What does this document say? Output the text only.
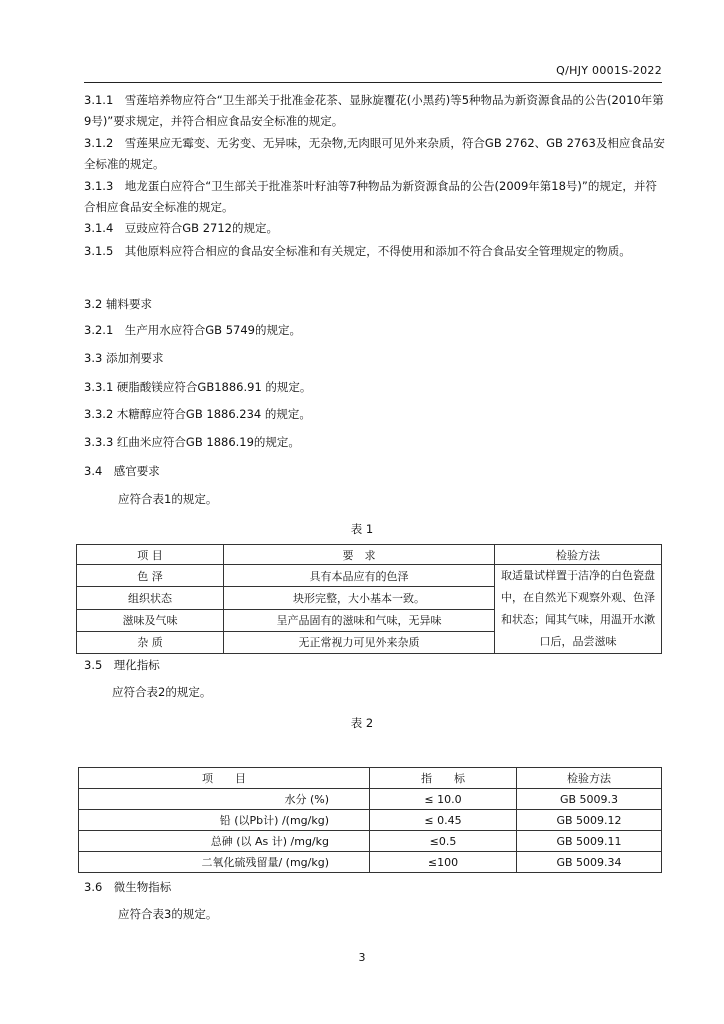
Q/HJY 0001S-2022
3.1.1　雪莲培养物应符合“卫生部关于批准金花茶、显脉旋覆花(小黑药)等5种物品为新资源食品的公告(2010年第9号)”要求规定，并符合相应食品安全标准的规定。
3.1.2　雪莲果应无霉变、无劣变、无异味，无杂物,无肉眼可见外来杂质，符合GB 2762、GB 2763及相应食品安全标准的规定。
3.1.3　地龙蛋白应符合“卫生部关于批准茶叶籽油等7种物品为新资源食品的公告(2009年第18号)”的规定，并符合相应食品安全标准的规定。
3.1.4　豆豉应符合GB 2712的规定。
3.1.5　其他原料应符合相应的食品安全标准和有关规定，不得使用和添加不符合食品安全管理规定的物质。
3.2 辅料要求
3.2.1　生产用水应符合GB 5749的规定。
3.3 添加剂要求
3.3.1 硬脂酸镁应符合GB1886.91 的规定。
3.3.2 木糖醇应符合GB 1886.234 的规定。
3.3.3 红曲米应符合GB 1886.19的规定。
3.4　感官要求
应符合表1的规定。
表 1
项 目	要　求	检验方法
色 泽	具有本品应有的色泽	取适量试样置于洁净的白色瓷盘中，在自然光下观察外观、色泽和状态；闻其气味，用温开水漱口后，品尝滋味
组织状态	块形完整，大小基本一致。	
滋味及气味	呈产品固有的滋味和气味，无异味	
杂 质	无正常视力可见外来杂质	
3.5　理化指标
应符合表2的规定。
表 2
项　　目	指　　标	检验方法
水分 (%)	≤ 10.0	GB 5009.3
铅 (以Pb计) /(mg/kg)	≤ 0.45	GB 5009.12
总砷 (以 As 计) /mg/kg	≤0.5	GB 5009.11
二氧化硫残留量/ (mg/kg)	≤100	GB 5009.34
3.6　微生物指标
应符合表3的规定。
3
